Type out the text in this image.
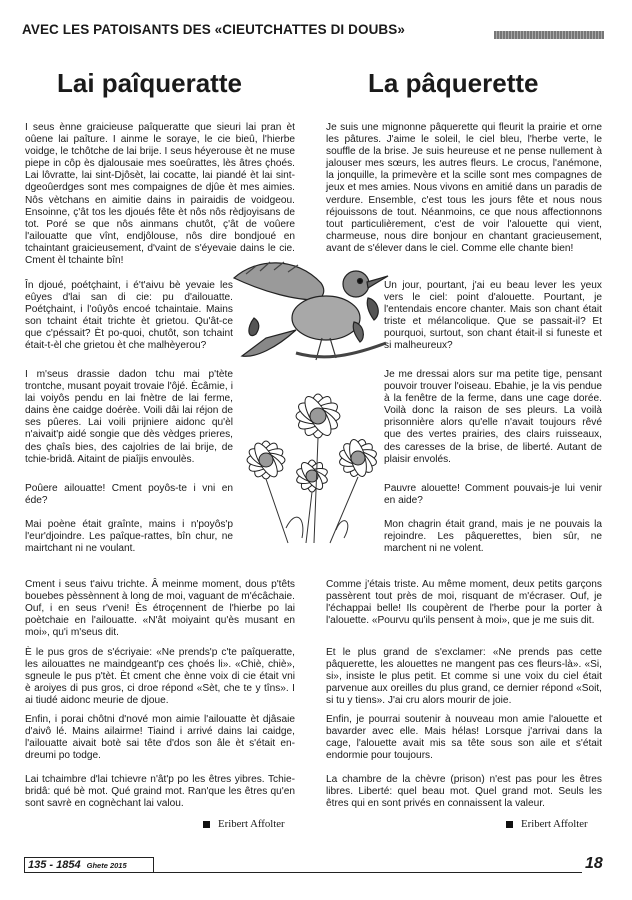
AVEC LES PATOISANTS DES «CIEUTCHATTES DI DOUBS»
Lai paîqueratte	La pâquerette

I seus ènne graicieuse paîqueratte que sieuri lai pran èt oûene lai paîture. I ainme le soraye, le cie bieû, l'hierbe voidge, le tchôtche de lai brije. I seus héyerouse èt ne muse piepe in côp ès djalousaie mes soeûrattes, lès âtres çhoés. Lai lôvratte, lai sint-Djôsèt, lai cocatte, lai piandé èt lai sint-dgeoûerdges sont mes compaignes de djûe èt mes aimies. Nôs vètchans en aimitie dains in pairaidis de voidgeou. Ensoinne, ç'ât tos les djoués fête èt nôs nôs rèdjoyisans de tot. Poré se que nôs ainmans chutôt, ç'ât de voûere l'ailouatte que vînt, endjôlouse, nôs dire bondjoué en tchaintant graicieusement, d'vaint de s'éyevaie dains le cie. Cment èl tchainte bîn!

În djoué, poétçhaint, i é't'aivu bè yevaie les eûyes d'lai san di cie: pu d'ailouatte. Poétçhaint, i l'oûyôs encoé tchaintaie. Mains son tchaint était trichte èt grietou. Qu'ât-ce que c'péssait? Èt po-quoi, chutôt, son tchaint était-t-èl che grietou èt che malhèyerou?

I m'seus drassie dadon tchu mai p'tète trontche, musant poyait trovaie l'ôjé. Ècâmie, i lai voiyôs pendu en lai fnètre de lai ferme, dains ène caidge doérèe. Voili dâi lai réjon de ses pûeres. Lai voili prijniere aidonc qu'èl n'aivait'p aidé songie que dès vèdges prieres, des çhaîs bies, des cajolries de lai brije, de tchie-bridâ. Aitaint de piaîjis envoulès.

Poûere ailouatte! Cment poyôs-te i vni en éde?

Mai poène était graînte, mains i n'poyôs'p l'eur'djoindre. Les paîque-rattes, bîn chur, ne mairtchant ni ne voulant.

Cment i seus t'aivu trichte. Â meinme moment, dous p'têts bouebes pèssènnent à long de moi, vaguant de m'écâchaie. Ouf, i en seus r'veni! Ès étroçennent de l'hierbe po lai poètchaie en l'ailouatte. «N'ât moiyaint qu'ès musant en moi», qu'i m'seus dit.

È le pus gros de s'écriyaie: «Ne prends'p c'te paîqueratte, les ailouattes ne maindgeant'p ces çhoés li». «Chiè, chiè», sgneule le pus p'tèt. Èt cment che ènne voix di cie était vni è aroiyes di pus gros, ci droe répond «Sèt, che te y tîns». I ai tiudé aidonc meurie de djoue.

Enfin, i porai chôtni d'nové mon aimie l'ailouatte èt djâsaie d'aivô lé. Mains ailairme! Tiaind i arrivé dains lai caidge, l'ailouatte aivait botè sai tête d'dos son âle èt s'était en-dreumi po todge.

Lai tchaimbre d'lai tchievre n'ât'p po les êtres yibres. Tchie-bridâ: qué bè mot. Qué graind mot. Ran'que les êtres qu'en sont savrè en cognèchant lai valou.

Eribert Affolter

Je suis une mignonne pâquerette qui fleurit la prairie et orne les pâtures. J'aime le soleil, le ciel bleu, l'herbe verte, le souffle de la brise. Je suis heureuse et ne pense nullement à jalouser mes sœurs, les autres fleurs. Le crocus, l'anémone, la jonquille, la primevère et la scille sont mes compagnes de jeux et mes amies. Nous vivons en amitié dans un paradis de verdure. Ensemble, c'est tous les jours fête et nous nous réjouissons de tout. Néanmoins, ce que nous affectionnons tout particulièrement, c'est de voir l'alouette qui vient, charmeuse, nous dire bonjour en chantant gracieusement, avant de s'élever dans le ciel. Comme elle chante bien!

Un jour, pourtant, j'ai eu beau lever les yeux vers le ciel: point d'alouette. Pourtant, je l'entendais encore chanter. Mais son chant était triste et mélancolique. Que se passait-il? Et pourquoi, surtout, son chant était-il si funeste et si malheureux?

Je me dressai alors sur ma petite tige, pensant pouvoir trouver l'oiseau. Ebahie, je la vis pendue à la fenêtre de la ferme, dans une cage dorée. Voilà donc la raison de ses pleurs. La voilà prisonnière alors qu'elle n'avait toujours rêvé que des vertes prairies, des clairs ruisseaux, des caresses de la brise, de liberté. Autant de plaisir envolés.

Pauvre alouette! Comment pouvais-je lui venir en aide?

Mon chagrin était grand, mais je ne pouvais la rejoindre. Les pâquerettes, bien sûr, ne marchent ni ne volent.

Comme j'étais triste. Au même moment, deux petits garçons passèrent tout près de moi, risquant de m'écraser. Ouf, je l'échappai belle! Ils coupèrent de l'herbe pour la porter à l'alouette. «Pourvu qu'ils pensent à moi», que je me suis dit.

Et le plus grand de s'exclamer: «Ne prends pas cette pâquerette, les alouettes ne mangent pas ces fleurs-là». «Si, si», insiste le plus petit. Et comme si une voix du ciel était parvenue aux oreilles du plus grand, ce dernier répond «Soit, si tu y tiens». J'ai cru alors mourir de joie.

Enfin, je pourrai soutenir à nouveau mon amie l'alouette et bavarder avec elle. Mais hélas! Lorsque j'arrivai dans la cage, l'alouette avait mis sa tête sous son aile et s'était endormie pour toujours.

La chambre de la chèvre (prison) n'est pas pour les êtres libres. Liberté: quel beau mot. Quel grand mot. Seuls les êtres qui en sont privés en connaissent la valeur.

Eribert Affolter
135 - 1854 Ghete 2015	18
